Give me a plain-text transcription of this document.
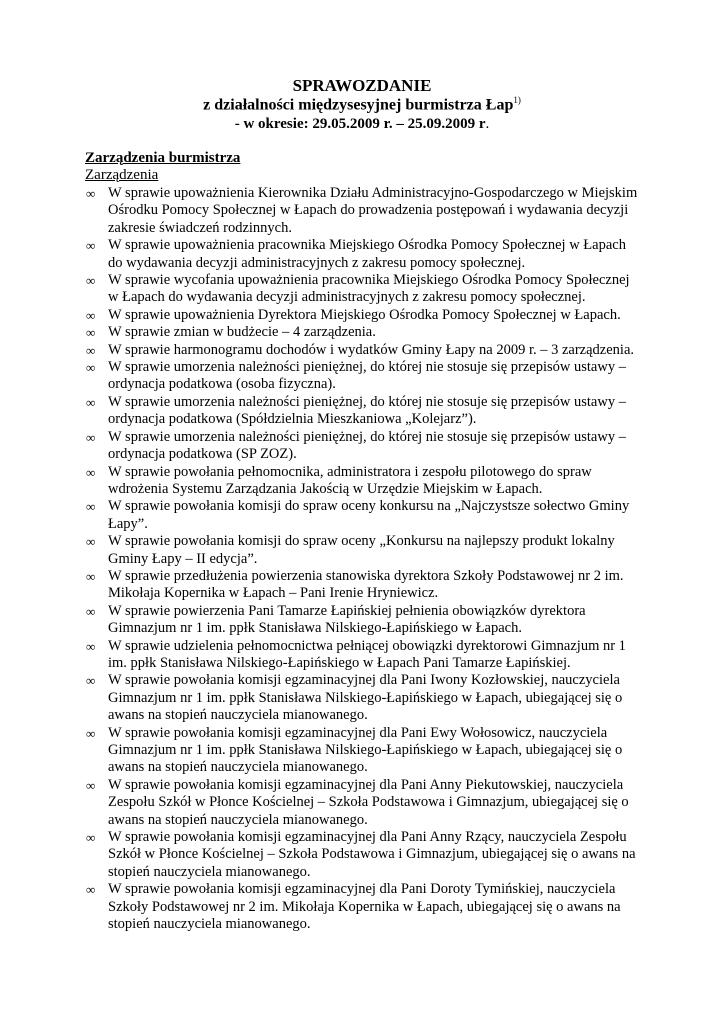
SPRAWOZDANIE
z działalności międzysesyjnej burmistrza Łap$^{1)}$
- w okresie: 29.05.2009 r. – 25.09.2009 r.
Zarządzenia burmistrza
Zarządzenia
∞ W sprawie upoważnienia Kierownika Działu Administracyjno-Gospodarczego w Miejskim Ośrodku Pomocy Społecznej w Łapach do prowadzenia postępowań i wydawania decyzji zakresie świadczeń rodzinnych.
∞ W sprawie upoważnienia pracownika Miejskiego Ośrodka Pomocy Społecznej w Łapach do wydawania decyzji administracyjnych z zakresu pomocy społecznej.
∞ W sprawie wycofania upoważnienia pracownika Miejskiego Ośrodka Pomocy Społecznej w Łapach do wydawania decyzji administracyjnych z zakresu pomocy społecznej.
∞ W sprawie upoważnienia Dyrektora Miejskiego Ośrodka Pomocy Społecznej w Łapach.
∞ W sprawie zmian w budżecie – 4 zarządzenia.
∞ W sprawie harmonogramu dochodów i wydatków Gminy Łapy na 2009 r. – 3 zarządzenia.
∞ W sprawie umorzenia należności pieniężnej, do której nie stosuje się przepisów ustawy – ordynacja podatkowa (osoba fizyczna).
∞ W sprawie umorzenia należności pieniężnej, do której nie stosuje się przepisów ustawy – ordynacja podatkowa (Spółdzielnia Mieszkaniowa „Kolejarz”).
∞ W sprawie umorzenia należności pieniężnej, do której nie stosuje się przepisów ustawy – ordynacja podatkowa (SP ZOZ).
∞ W sprawie powołania pełnomocnika, administratora i zespołu pilotowego do spraw wdrożenia Systemu Zarządzania Jakością w Urzędzie Miejskim w Łapach.
∞ W sprawie powołania komisji do spraw oceny konkursu na „Najczystsze sołectwo Gminy Łapy”.
∞ W sprawie powołania komisji do spraw oceny „Konkursu na najlepszy produkt lokalny Gminy Łapy – II edycja”.
∞ W sprawie przedłużenia powierzenia stanowiska dyrektora Szkoły Podstawowej nr 2 im. Mikołaja Kopernika w Łapach – Pani Irenie Hryniewicz.
∞ W sprawie powierzenia Pani Tamarze Łapińskiej pełnienia obowiązków dyrektora Gimnazjum nr 1 im. ppłk Stanisława Nilskiego-Łapińskiego w Łapach.
∞ W sprawie udzielenia pełnomocnictwa pełniącej obowiązki dyrektorowi Gimnazjum nr 1 im. ppłk Stanisława Nilskiego-Łapińskiego w Łapach Pani Tamarze Łapińskiej.
∞ W sprawie powołania komisji egzaminacyjnej dla Pani Iwony Kozłowskiej, nauczyciela Gimnazjum nr 1 im. ppłk Stanisława Nilskiego-Łapińskiego w Łapach, ubiegającej się o awans na stopień nauczyciela mianowanego.
∞ W sprawie powołania komisji egzaminacyjnej dla Pani Ewy Wołosowicz, nauczyciela Gimnazjum nr 1 im. ppłk Stanisława Nilskiego-Łapińskiego w Łapach, ubiegającej się o awans na stopień nauczyciela mianowanego.
∞ W sprawie powołania komisji egzaminacyjnej dla Pani Anny Piekutowskiej, nauczyciela Zespołu Szkół w Płonce Kościelnej – Szkoła Podstawowa i Gimnazjum, ubiegającej się o awans na stopień nauczyciela mianowanego.
∞ W sprawie powołania komisji egzaminacyjnej dla Pani Anny Rzący, nauczyciela Zespołu Szkół w Płonce Kościelnej – Szkoła Podstawowa i Gimnazjum, ubiegającej się o awans na stopień nauczyciela mianowanego.
∞ W sprawie powołania komisji egzaminacyjnej dla Pani Doroty Tymińskiej, nauczyciela Szkoły Podstawowej nr 2 im. Mikołaja Kopernika w Łapach, ubiegającej się o awans na stopień nauczyciela mianowanego.
